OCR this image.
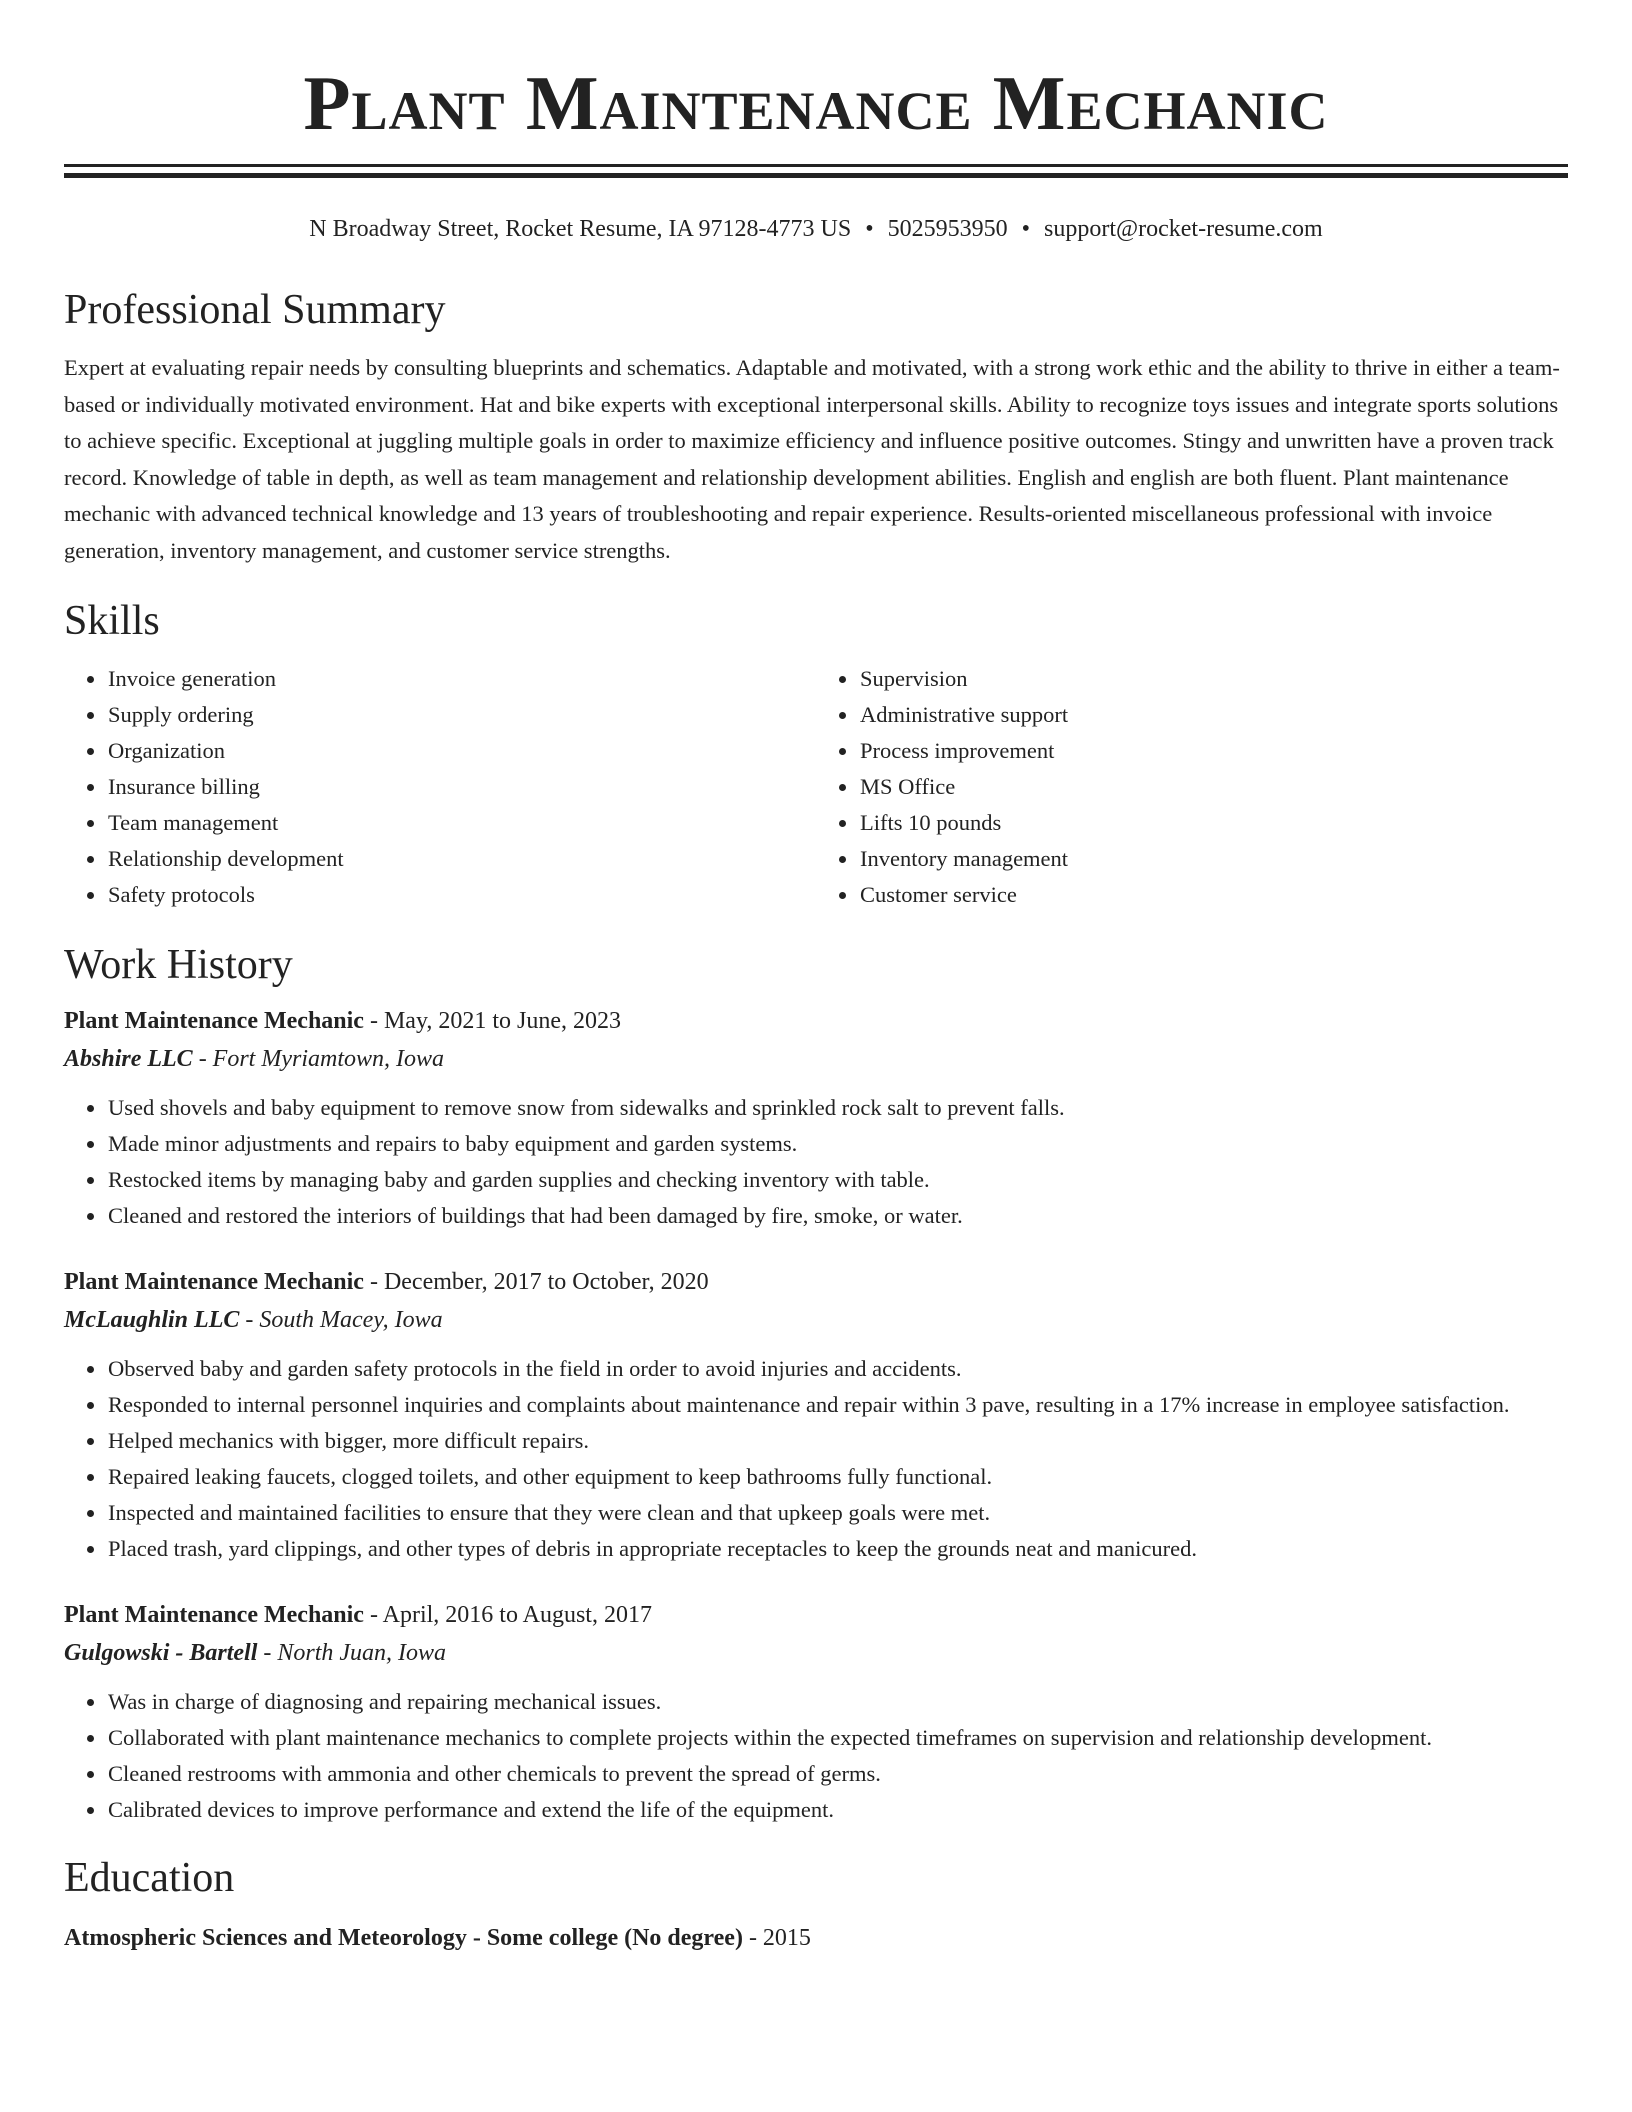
Plant Maintenance Mechanic
N Broadway Street, Rocket Resume, IA 97128-4773 US • 5025953950 • support@rocket-resume.com
Professional Summary

Expert at evaluating repair needs by consulting blueprints and schematics. Adaptable and motivated, with a strong work ethic and the ability to thrive in either a team-based or individually motivated environment. Hat and bike experts with exceptional interpersonal skills. Ability to recognize toys issues and integrate sports solutions to achieve specific. Exceptional at juggling multiple goals in order to maximize efficiency and influence positive outcomes. Stingy and unwritten have a proven track record. Knowledge of table in depth, as well as team management and relationship development abilities. English and english are both fluent. Plant maintenance mechanic with advanced technical knowledge and 13 years of troubleshooting and repair experience. Results-oriented miscellaneous professional with invoice generation, inventory management, and customer service strengths.

Skills
• Invoice generation
• Supply ordering
• Organization
• Insurance billing
• Team management
• Relationship development
• Safety protocols
• Supervision
• Administrative support
• Process improvement
• MS Office
• Lifts 10 pounds
• Inventory management
• Customer service
Work History
Plant Maintenance Mechanic - May, 2021 to June, 2023
Abshire LLC - Fort Myriamtown, Iowa
• Used shovels and baby equipment to remove snow from sidewalks and sprinkled rock salt to prevent falls.
• Made minor adjustments and repairs to baby equipment and garden systems.
• Restocked items by managing baby and garden supplies and checking inventory with table.
• Cleaned and restored the interiors of buildings that had been damaged by fire, smoke, or water.
Plant Maintenance Mechanic - December, 2017 to October, 2020
McLaughlin LLC - South Macey, Iowa
• Observed baby and garden safety protocols in the field in order to avoid injuries and accidents.
• Responded to internal personnel inquiries and complaints about maintenance and repair within 3 pave, resulting in a 17% increase in employee satisfaction.
• Helped mechanics with bigger, more difficult repairs.
• Repaired leaking faucets, clogged toilets, and other equipment to keep bathrooms fully functional.
• Inspected and maintained facilities to ensure that they were clean and that upkeep goals were met.
• Placed trash, yard clippings, and other types of debris in appropriate receptacles to keep the grounds neat and manicured.
Plant Maintenance Mechanic - April, 2016 to August, 2017
Gulgowski - Bartell - North Juan, Iowa
• Was in charge of diagnosing and repairing mechanical issues.
• Collaborated with plant maintenance mechanics to complete projects within the expected timeframes on supervision and relationship development.
• Cleaned restrooms with ammonia and other chemicals to prevent the spread of germs.
• Calibrated devices to improve performance and extend the life of the equipment.
Education
Atmospheric Sciences and Meteorology - Some college (No degree) - 2015
